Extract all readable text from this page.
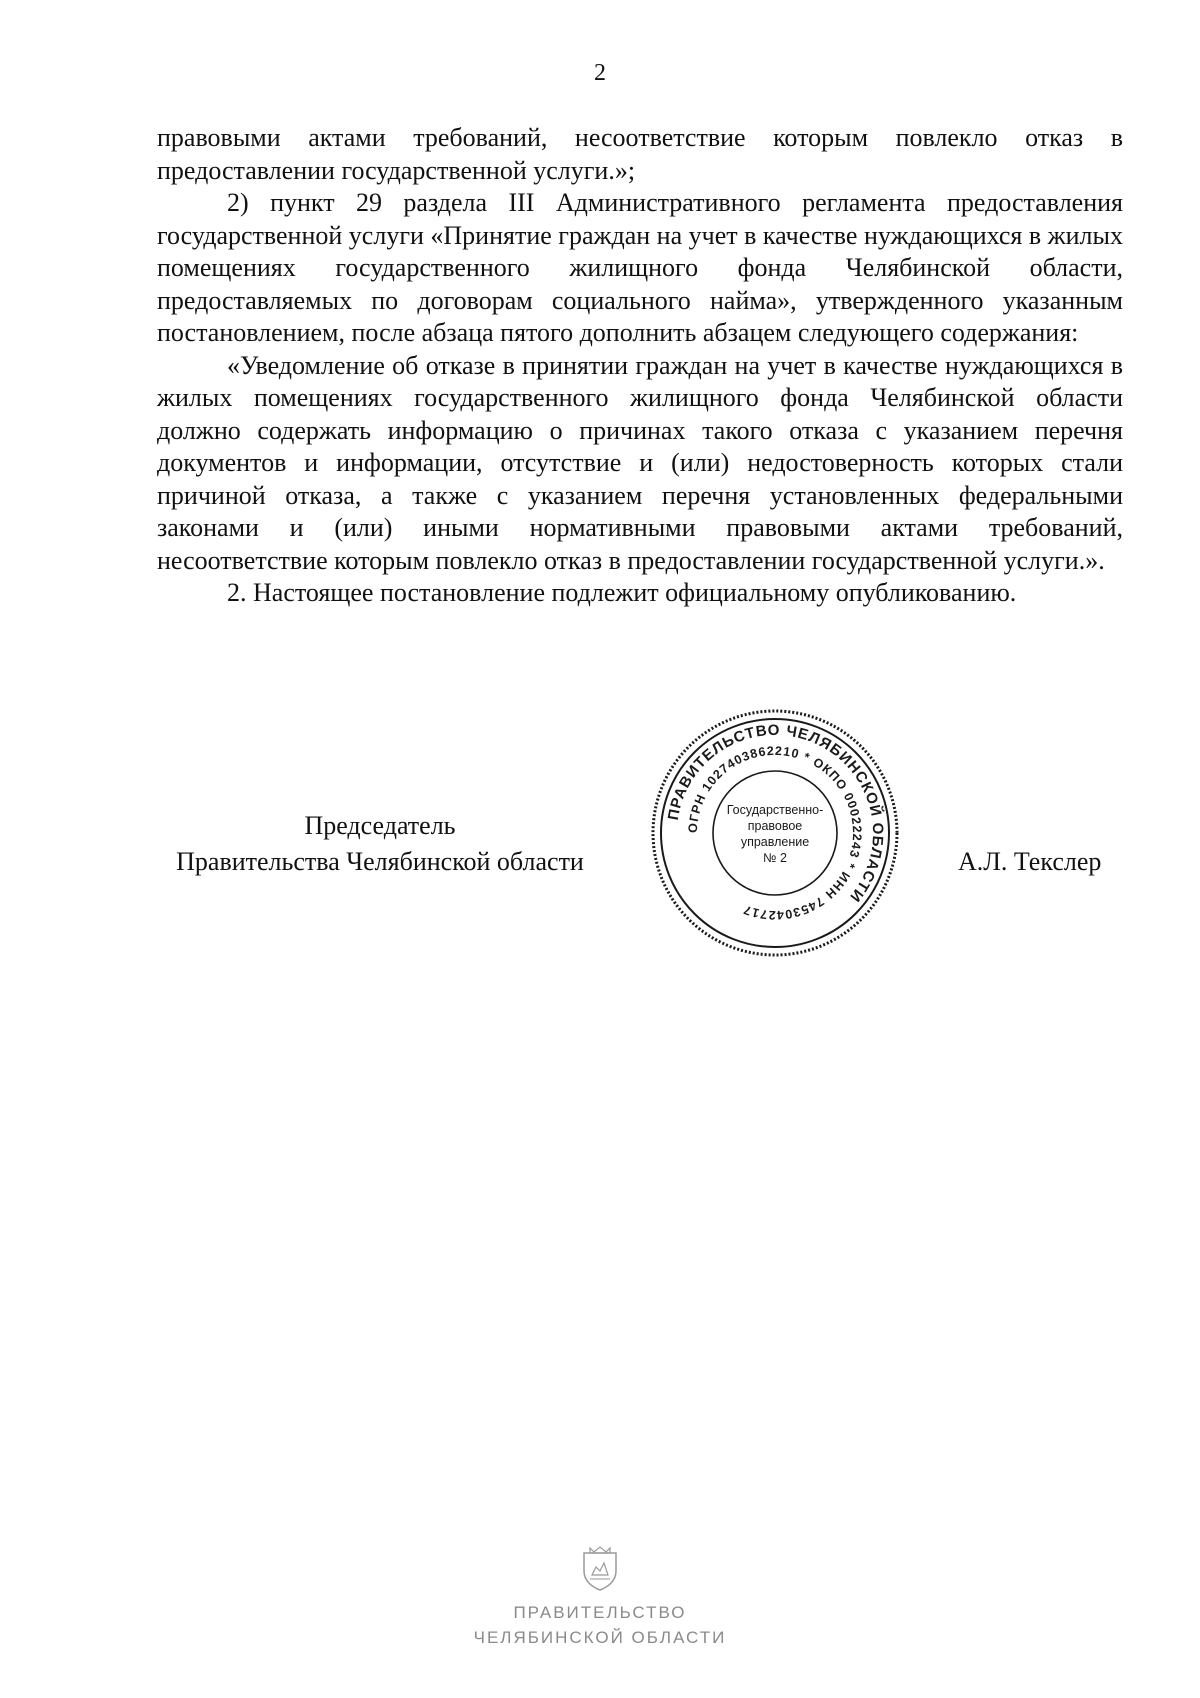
2

правовыми актами требований, несоответствие которым повлекло отказ в предоставлении государственной услуги.»;

2) пункт 29 раздела III Административного регламента предоставления государственной услуги «Принятие граждан на учет в качестве нуждающихся в жилых помещениях государственного жилищного фонда Челябинской области, предоставляемых по договорам социального найма», утвержденного указанным постановлением, после абзаца пятого дополнить абзацем следующего содержания:

«Уведомление об отказе в принятии граждан на учет в качестве нуждающихся в жилых помещениях государственного жилищного фонда Челябинской области должно содержать информацию о причинах такого отказа с указанием перечня документов и информации, отсутствие и (или) недостоверность которых стали причиной отказа, а также с указанием перечня установленных федеральными законами и (или) иными нормативными правовыми актами требований, несоответствие которым повлекло отказ в предоставлении государственной услуги.».

2. Настоящее постановление подлежит официальному опубликованию.

Председатель
Правительства Челябинской области
ПРАВИТЕЛЬСТВО ЧЕЛЯБИНСКОЙ ОБЛАСТИ
ОГРН 1027403862210 * ОКПО 00022243 * ИНН 7453042717
Государственно-
правовое
управление
№ 2	А.Л. Текслер
ПРАВИТЕЛЬСТВО
ЧЕЛЯБИНСКОЙ ОБЛАСТИ
